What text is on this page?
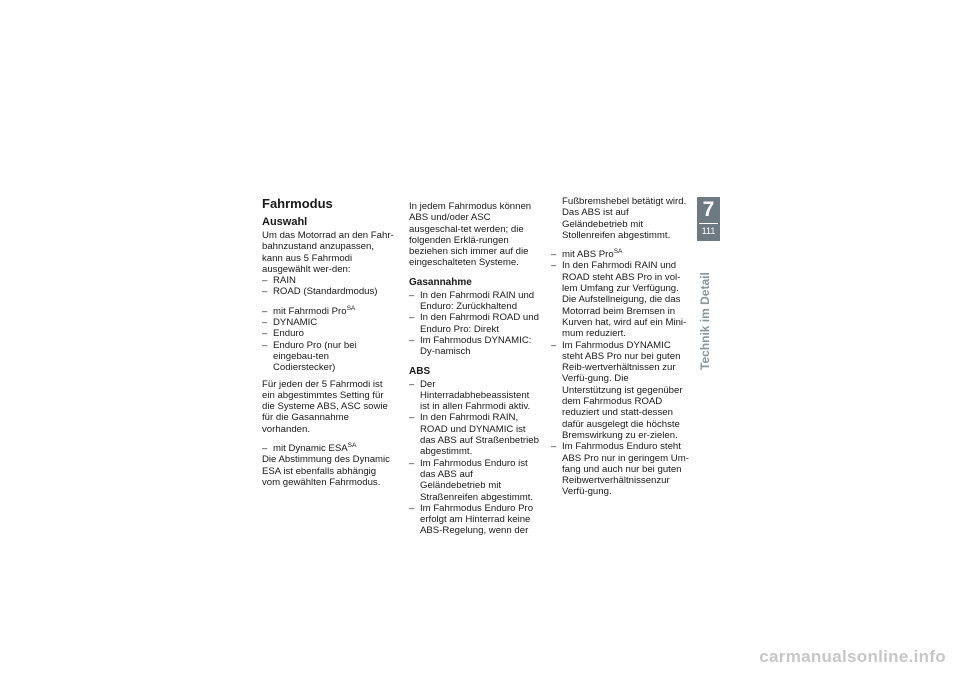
Fahrmodus
Auswahl

Um das Motorrad an den Fahr-bahnzustand anzupassen, kann aus 5 Fahrmodi ausgewählt wer-den:

– RAIN
– ROAD (Standardmodus)
– mit Fahrmodi Pro$^{SA}$
– DYNAMIC
– Enduro
– Enduro Pro (nur bei eingebau-ten Codierstecker)

Für jeden der 5 Fahrmodi ist ein abgestimmtes Setting für die Systeme ABS, ASC sowie für die Gasannahme vorhanden.

– mit Dynamic $ESA^{SA}$

Die Abstimmung des Dynamic ESA ist ebenfalls abhängig vom gewählten Fahrmodus.

In jedem Fahrmodus können ABS und/oder ASC ausgeschal-tet werden; die folgenden Erklä-rungen beziehen sich immer auf die eingeschalteten Systeme.

Gasannahme
– In den Fahrmodi RAIN und Enduro: Zurückhaltend
– In den Fahrmodi ROAD und Enduro Pro: Direkt
– Im Fahrmodus DYNAMIC: Dy-namisch
ABS
– Der Hinterradabhebeassistent ist in allen Fahrmodi aktiv.
– In den Fahrmodi RAIN, ROAD und DYNAMIC ist das ABS auf Straßenbetrieb abgestimmt.
– Im Fahrmodus Enduro ist das ABS auf Geländebetrieb mit Straßenreifen abgestimmt.
– Im Fahrmodus Enduro Pro erfolgt am Hinterrad keine ABS-Regelung, wenn der

Fußbremshebel betätigt wird. Das ABS ist auf Geländebetrieb mit Stollenreifen abgestimmt.

– mit ABS Pro$^{SA}$
– In den Fahrmodi RAIN und ROAD steht ABS Pro in vol-lem Umfang zur Verfügung. Die Aufstellneigung, die das Motorrad beim Bremsen in Kurven hat, wird auf ein Mini-mum reduziert.
– Im Fahrmodus DYNAMIC steht ABS Pro nur bei guten Reib-wertverhältnissen zur Verfü-gung. Die Unterstützung ist gegenüber dem Fahrmodus ROAD reduziert und statt-dessen dafür ausgelegt die höchste Bremswirkung zu er-zielen.
– Im Fahrmodus Enduro steht ABS Pro nur in geringem Um-fang und auch nur bei guten Reibwertverhältnissenzur Verfü-gung.
7
111
Technik im Detail
carmanualsonline.info
